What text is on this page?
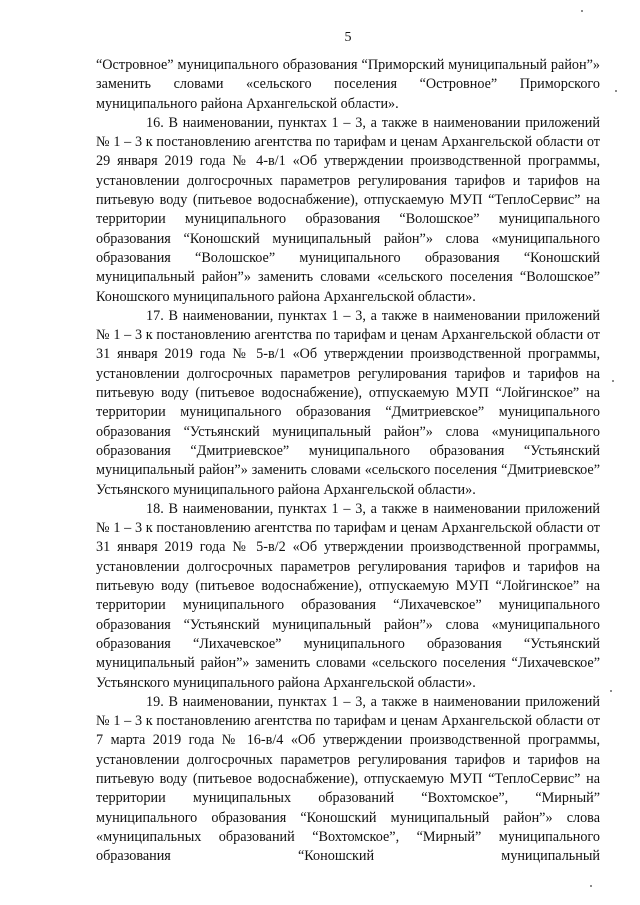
5

“Островное” муниципального образования “Приморский муниципальный район”» заменить словами «сельского поселения “Островное” Приморского муниципального района Архангельской области».

16. В наименовании, пунктах 1 – 3, а также в наименовании приложений № 1 – 3 к постановлению агентства по тарифам и ценам Архангельской области от 29 января 2019 года № 4-в/1 «Об утверждении производственной программы, установлении долгосрочных параметров регулирования тарифов и тарифов на питьевую воду (питьевое водоснабжение), отпускаемую МУП “ТеплоСервис” на территории муниципального образования “Волошское” муниципального образования “Коношский муниципальный район”» слова «муниципального образования “Волошское” муниципального образования “Коношский муниципальный район”» заменить словами «сельского поселения “Волошское” Коношского муниципального района Архангельской области».

17. В наименовании, пунктах 1 – 3, а также в наименовании приложений № 1 – 3 к постановлению агентства по тарифам и ценам Архангельской области от 31 января 2019 года № 5-в/1 «Об утверждении производственной программы, установлении долгосрочных параметров регулирования тарифов и тарифов на питьевую воду (питьевое водоснабжение), отпускаемую МУП “Лойгинское” на территории муниципального образования “Дмитриевское” муниципального образования “Устьянский муниципальный район”» слова «муниципального образования “Дмитриевское” муниципального образования “Устьянский муниципальный район”» заменить словами «сельского поселения “Дмитриевское” Устьянского муниципального района Архангельской области».

18. В наименовании, пунктах 1 – 3, а также в наименовании приложений № 1 – 3 к постановлению агентства по тарифам и ценам Архангельской области от 31 января 2019 года № 5-в/2 «Об утверждении производственной программы, установлении долгосрочных параметров регулирования тарифов и тарифов на питьевую воду (питьевое водоснабжение), отпускаемую МУП “Лойгинское” на территории муниципального образования “Лихачевское” муниципального образования “Устьянский муниципальный район”» слова «муниципального образования “Лихачевское” муниципального образования “Устьянский муниципальный район”» заменить словами «сельского поселения “Лихачевское” Устьянского муниципального района Архангельской области».

19. В наименовании, пунктах 1 – 3, а также в наименовании приложений № 1 – 3 к постановлению агентства по тарифам и ценам Архангельской области от 7 марта 2019 года № 16-в/4 «Об утверждении производственной программы, установлении долгосрочных параметров регулирования тарифов и тарифов на питьевую воду (питьевое водоснабжение), отпускаемую МУП “ТеплоСервис” на территории муниципальных образований “Вохтомское”, “Мирный” муниципального образования “Коношский муниципальный район”» слова «муниципальных образований “Вохтомское”, “Мирный” муниципального образования “Коношский муниципальный
